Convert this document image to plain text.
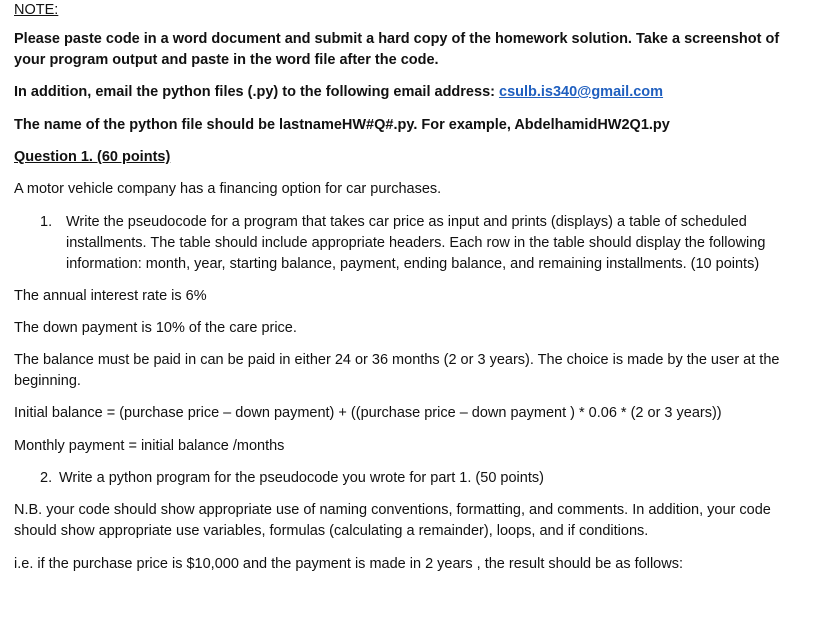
NOTE:
Please paste code in a word document and submit a hard copy of the homework solution. Take a screenshot of your program output and paste in the word file after the code.
In addition, email the python files (.py) to the following email address: csulb.is340@gmail.com
The name of the python file should be lastnameHW#Q#.py. For example, AbdelhamidHW2Q1.py
Question 1. (60 points)
A motor vehicle company has a financing option for car purchases.
1. Write the pseudocode for a program that takes car price as input and prints (displays) a table of scheduled installments. The table should include appropriate headers. Each row in the table should display the following information: month, year, starting balance, payment, ending balance, and remaining installments. (10 points)
The annual interest rate is 6%
The down payment is 10% of the care price.
The balance must be paid in can be paid in either 24 or 36 months (2 or 3 years). The choice is made by the user at the beginning.
Initial balance = (purchase price – down payment) + ((purchase price – down payment ) * 0.06 * (2 or 3 years))
Monthly payment = initial balance /months
2. Write a python program for the pseudocode you wrote for part 1. (50 points)
N.B. your code should show appropriate use of naming conventions, formatting, and comments. In addition, your code should show appropriate use variables, formulas (calculating a remainder), loops, and if conditions.
i.e. if the purchase price is $10,000 and the payment is made in 2 years , the result should be as follows:
